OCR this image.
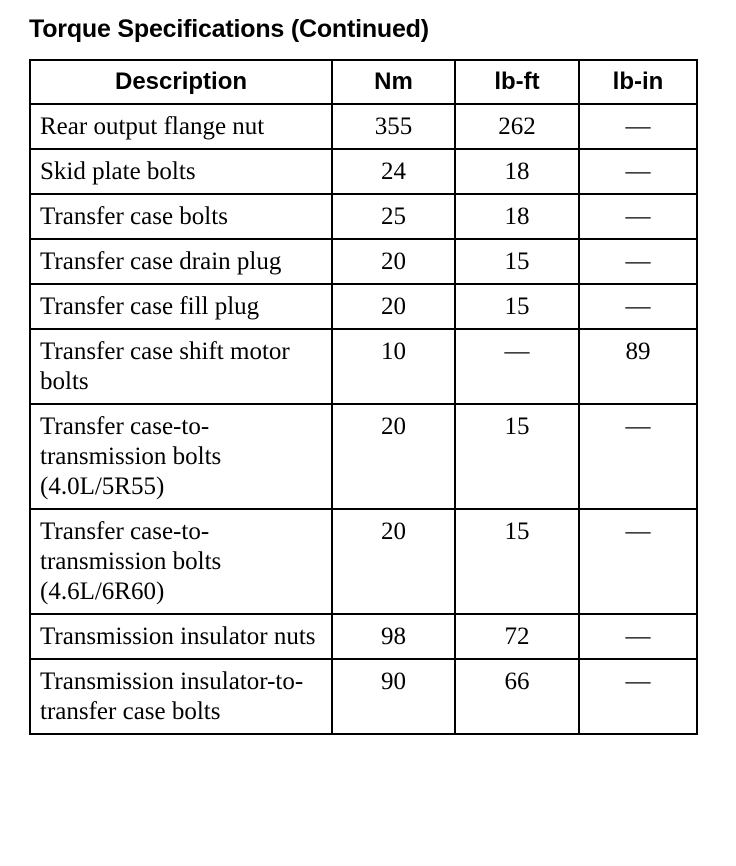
Torque Specifications (Continued)
Description	Nm	lb-ft	lb-in
Rear output flange nut	355	262	—
Skid plate bolts	24	18	—
Transfer case bolts	25	18	—
Transfer case drain plug	20	15	—
Transfer case fill plug	20	15	—
Transfer case shift motor bolts	10	—	89
Transfer case-to-transmission bolts (4.0L/5R55)	20	15	—
Transfer case-to-transmission bolts (4.6L/6R60)	20	15	—
Transmission insulator nuts	98	72	—
Transmission insulator-to-transfer case bolts	90	66	—
